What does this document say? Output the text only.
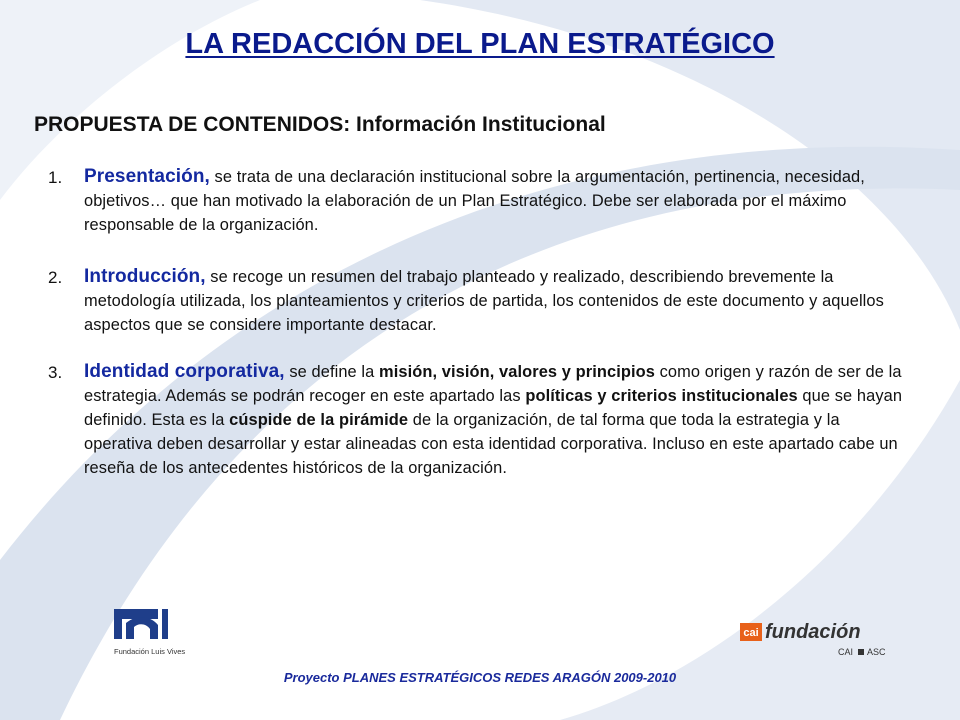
LA REDACCIÓN DEL PLAN ESTRATÉGICO
PROPUESTA DE CONTENIDOS: Información Institucional
1. Presentación, se trata de una declaración institucional sobre la argumentación, pertinencia, necesidad, objetivos… que han motivado la elaboración de un Plan Estratégico. Debe ser elaborada por el máximo responsable de la organización.
2. Introducción, se recoge un resumen del trabajo planteado y realizado, describiendo brevemente la metodología utilizada, los planteamientos y criterios de partida, los contenidos de este documento y aquellos aspectos que se considere importante destacar.
3. Identidad corporativa, se define la misión, visión, valores y principios como origen y razón de ser de la estrategia. Además se podrán recoger en este apartado las políticas y criterios institucionales que se hayan definido. Esta es la cúspide de la pirámide de la organización, de tal forma que toda la estrategia y la operativa deben desarrollar y estar alineadas con esta identidad corporativa. Incluso en este apartado cabe un reseña de los antecedentes históricos de la organización.
Fundación Luis Vives
cai fundación
CAI ASC
Proyecto PLANES ESTRATÉGICOS REDES ARAGÓN 2009-2010
